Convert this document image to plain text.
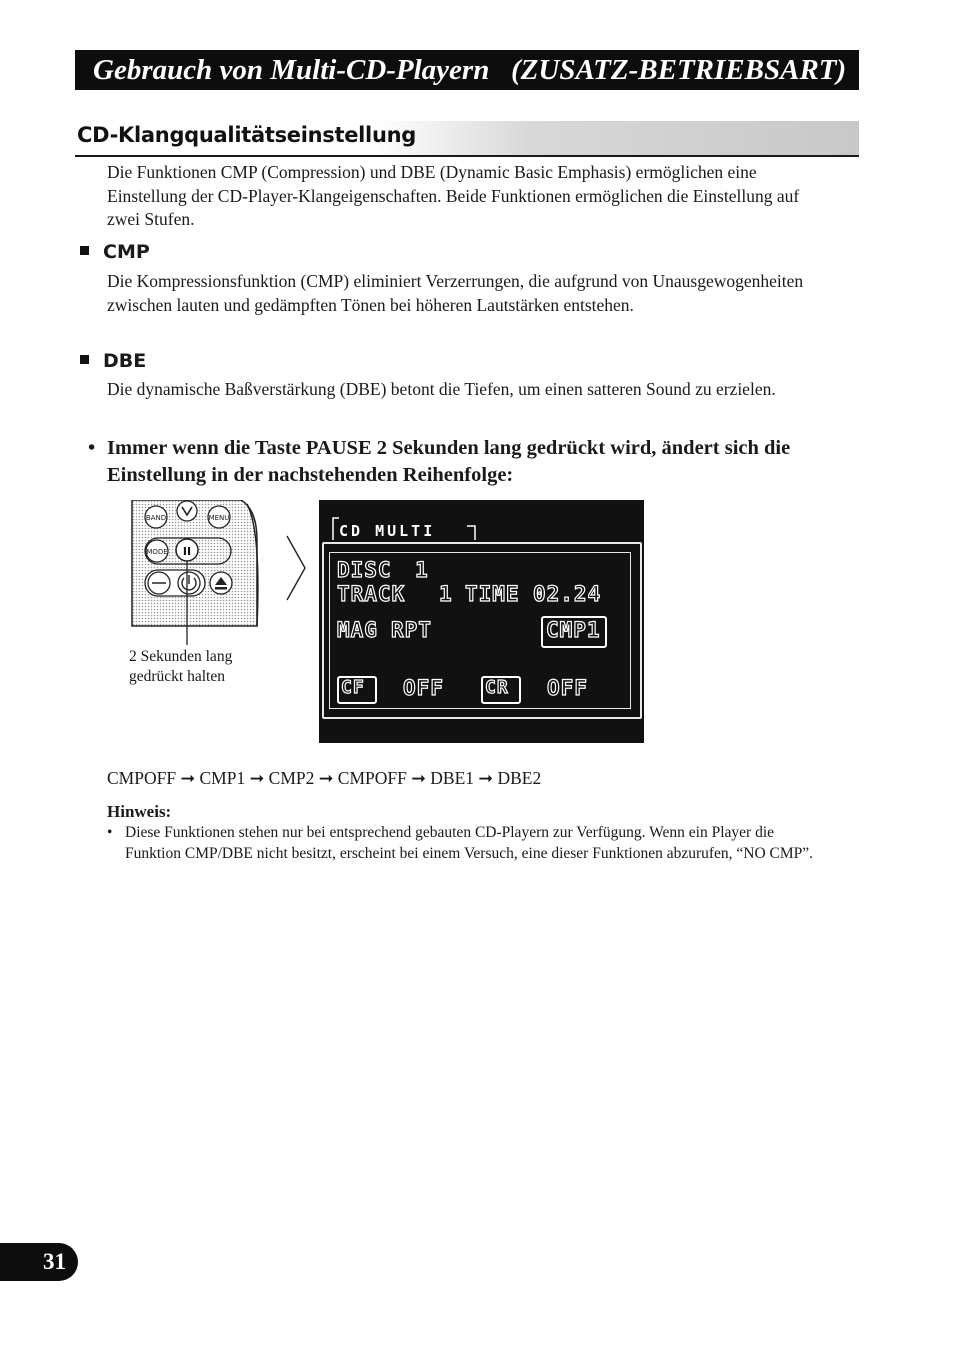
Gebrauch von Multi-CD-Playern (ZUSATZ-BETRIEBSART)
CD-Klangqualitätseinstellung

Die Funktionen CMP (Compression) und DBE (Dynamic Basic Emphasis) ermöglichen eine Einstellung der CD-Player-Klangeigenschaften. Beide Funktionen ermöglichen die Einstellung auf zwei Stufen.

CMP

Die Kompressionsfunktion (CMP) eliminiert Verzerrungen, die aufgrund von Unausgewogenheiten zwischen lauten und gedämpften Tönen bei höheren Lautstärken entstehen.

DBE

Die dynamische Baßverstärkung (DBE) betont die Tiefen, um einen satteren Sound zu erzielen.

• Immer wenn die Taste PAUSE 2 Sekunden lang gedrückt wird, ändert sich die Einstellung in der nachstehenden Reihenfolge:
BAND	MENU
MODE II
2 Sekunden lang
gedrückt halten
CD MULTI
DISC 1
TRACK 1 TIME 02.24
MAG RPT	CMP1
CF OFF CR OFF
CMPOFF ➞ CMP1 ➞ CMP2 ➞ CMPOFF ➞ DBE1 ➞ DBE2
Hinweis:
• Diese Funktionen stehen nur bei entsprechend gebauten CD-Playern zur Verfügung. Wenn ein Player die Funktion CMP/DBE nicht besitzt, erscheint bei einem Versuch, eine dieser Funktionen abzurufen, “NO CMP”.
31
